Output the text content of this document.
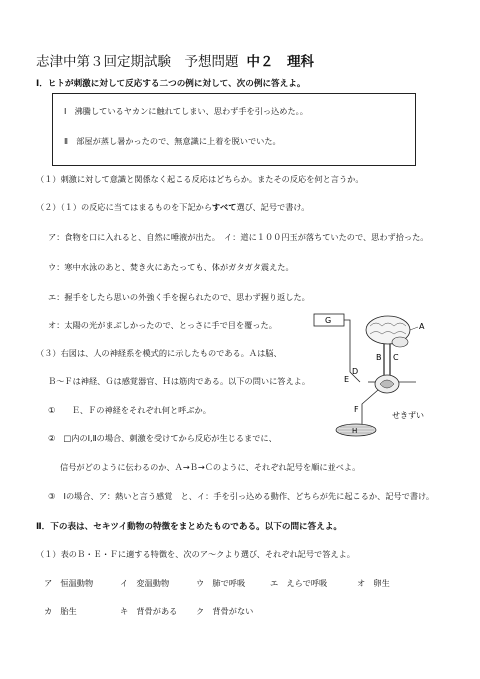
志津中第３回定期試験　予想問題 中２　理科
Ⅰ．ヒトが刺激に対して反応する二つの例に対して、次の例に答えよ。
Ⅰ　沸騰しているヤカンに触れてしまい、思わず手を引っ込めた。。
Ⅱ　部屋が蒸し暑かったので、無意識に上着を脱いでいた。
（１）刺激に対して意識と関係なく起こる反応はどちらか。またその反応を何と言うか。
（２）（１）の反応に当てはまるものを下記からすべて選び、記号で書け。
ア：食物を口に入れると、自然に唾液が出た。　イ：道に１００円玉が落ちていたので、思わず拾った。
ウ：寒中水泳のあと、焚き火にあたっても、体がガタガタ震えた。
エ：握手をしたら思いの外強く手を握られたので、思わず握り返した。
オ：太陽の光がまぶしかったので、とっさに手で目を覆った。
（３）右図は、人の神経系を模式的に示したものである。Ａは脳、
Ｂ～Ｆは神経、Ｇは感覚器官、Ｈは筋肉である。以下の問いに答えよ。
①　　Ｅ、Ｆの神経をそれぞれ何と呼ぶか。
②　□内のⅠ,Ⅱの場合、刺激を受けてから反応が生じるまでに、
信号がどのように伝わるのか、Ａ→Ｂ→Ｃのように、それぞれ記号を順に並べよ。
③　Ⅰの場合、ア：熱いと言う感覚　と、イ：手を引っ込める動作、どちらが先に起こるか、記号で書け。
G
A
B C
D
E
F
H
せきずい
Ⅱ．下の表は、セキツイ動物の特徴をまとめたものである。以下の問に答えよ。
（１）表のＢ・Ｅ・Ｆに適する特徴を、次のア～クより選び、それぞれ記号で答えよ。
ア　恒温動物	イ　変温動物	ウ　肺で呼吸	エ　えらで呼吸	オ　卵生
カ　胎生	キ　背骨がある ク　背骨がない
